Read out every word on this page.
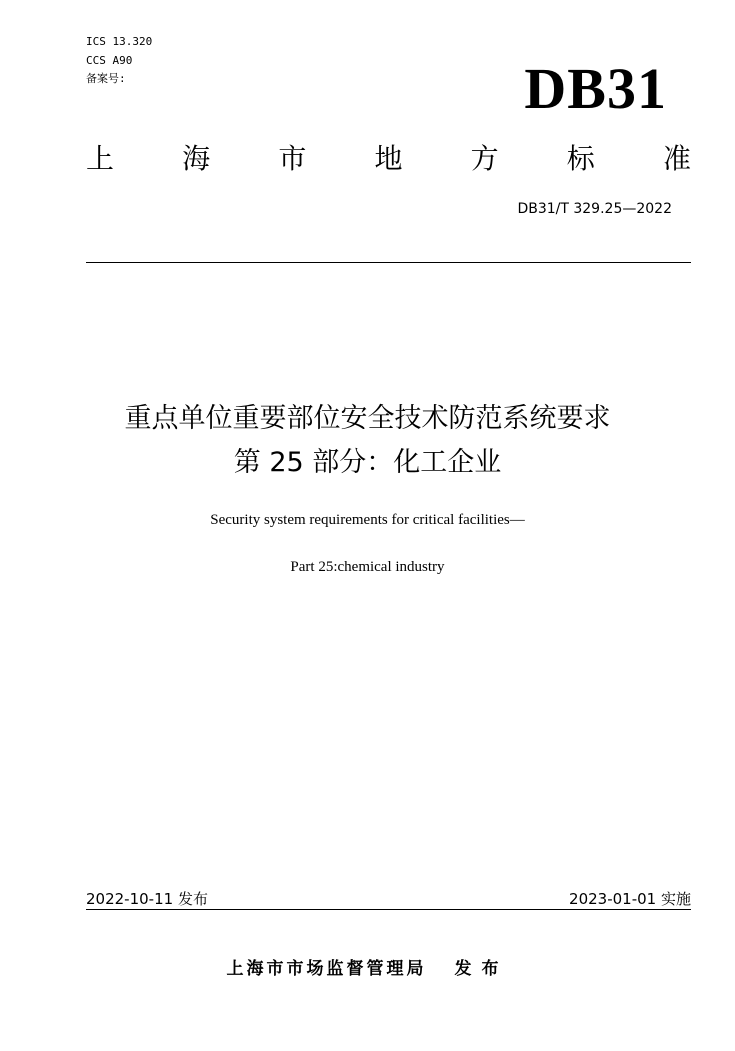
ICS 13.320
CCS A90
备案号:	DB31
上 海 市 地 方 标 准
DB31/T 329.25—2022
重点单位重要部位安全技术防范系统要求
第 25 部分：化工企业
Security system requirements for critical facilities—
Part 25:chemical industry
2022-10-11 发布	2023-01-01 实施
上海市市场监督管理局 发布
